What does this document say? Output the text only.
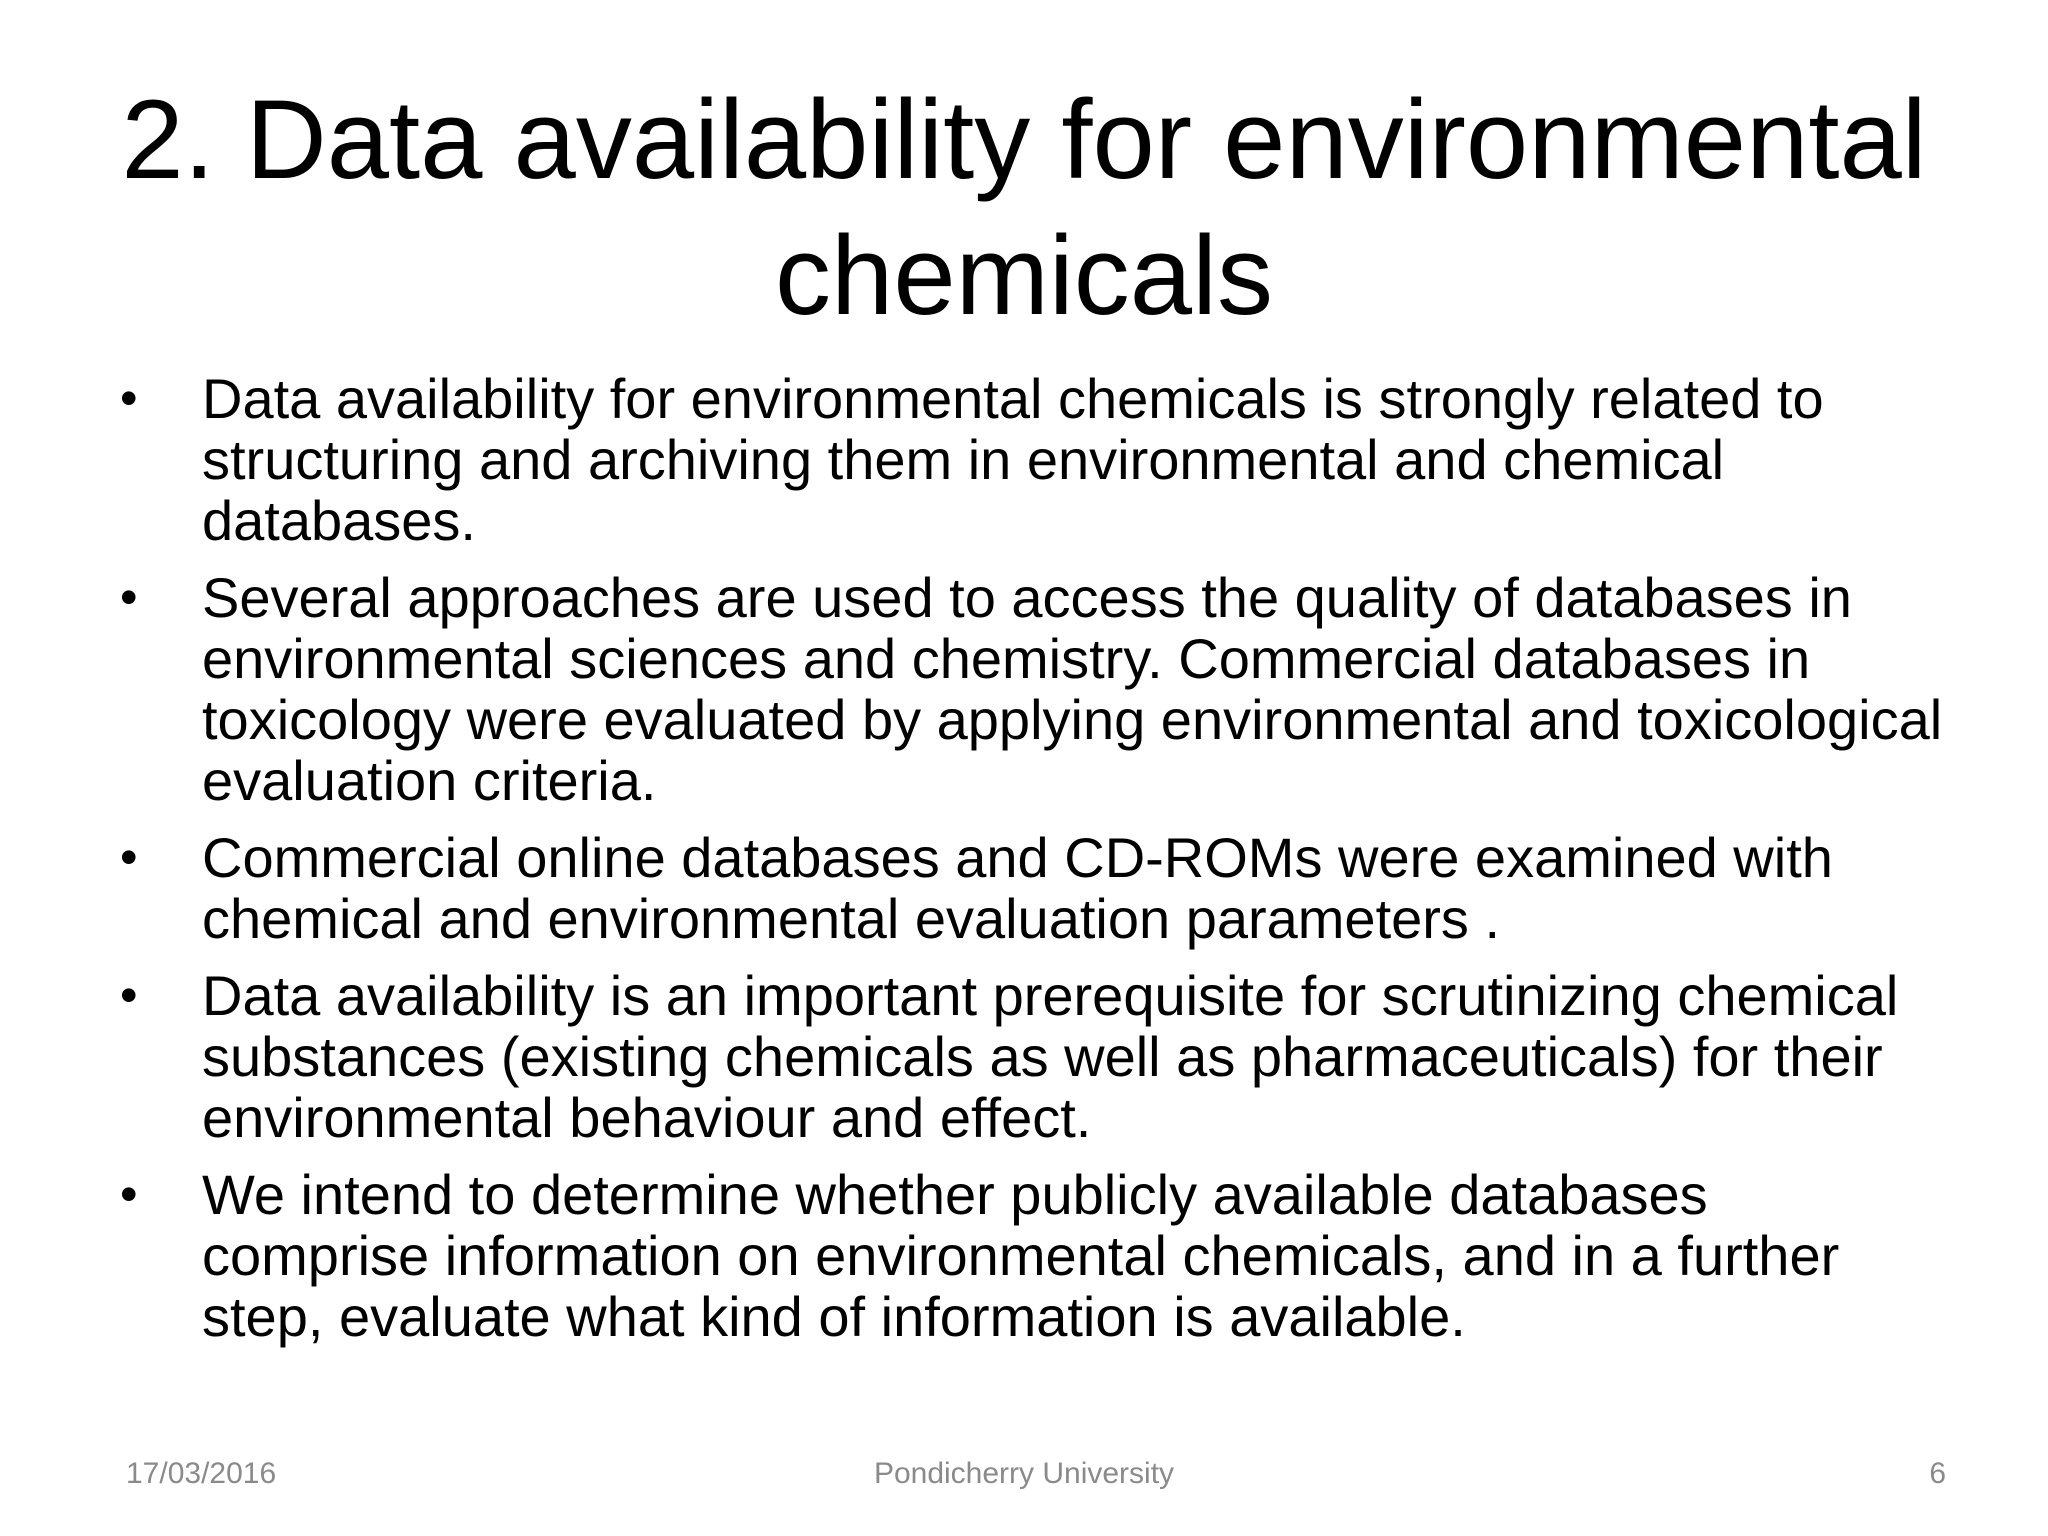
2. Data availability for environmental
chemicals
•	Data availability for environmental chemicals is strongly related to structuring and archiving them in environmental and chemical databases.
•	Several approaches are used to access the quality of databases in environmental sciences and chemistry. Commercial databases in toxicology were evaluated by applying environmental and toxicological evaluation criteria.
•	Commercial online databases and CD-ROMs were examined with chemical and environmental evaluation parameters .
•	Data availability is an important prerequisite for scrutinizing chemical substances (existing chemicals as well as pharmaceuticals) for their environmental behaviour and effect.
•	We intend to determine whether publicly available databases comprise information on environmental chemicals, and in a further step, evaluate what kind of information is available.
17/03/2016	Pondicherry University	6
